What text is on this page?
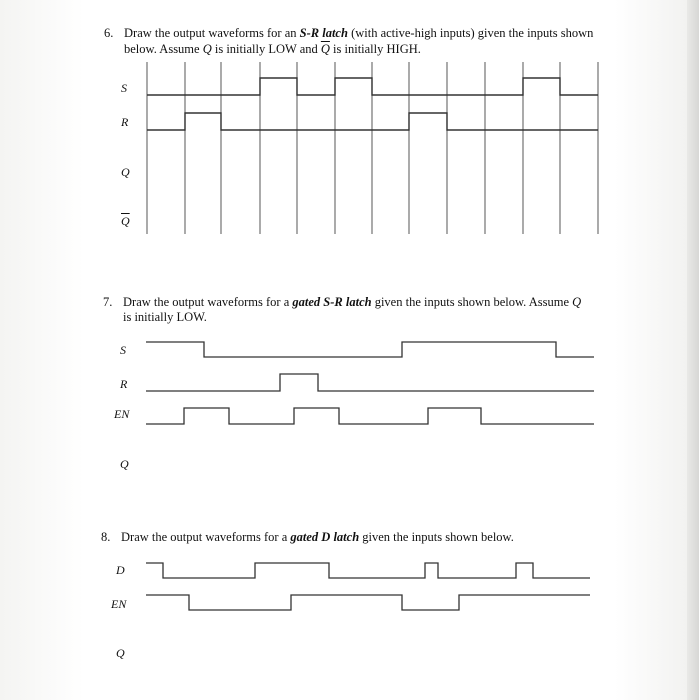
6. Draw the output waveforms for an S-R latch (with active-high inputs) given the inputs shown
below. Assume Q is initially LOW and $\overline{Q}$ is initially HIGH.
S
R
Q
$\overline{Q}$
7. Draw the output waveforms for a gated S-R latch given the inputs shown below. Assume Q
is initially LOW.
S
R
EN
Q
8. Draw the output waveforms for a gated D latch given the inputs shown below.
D
EN
Q
